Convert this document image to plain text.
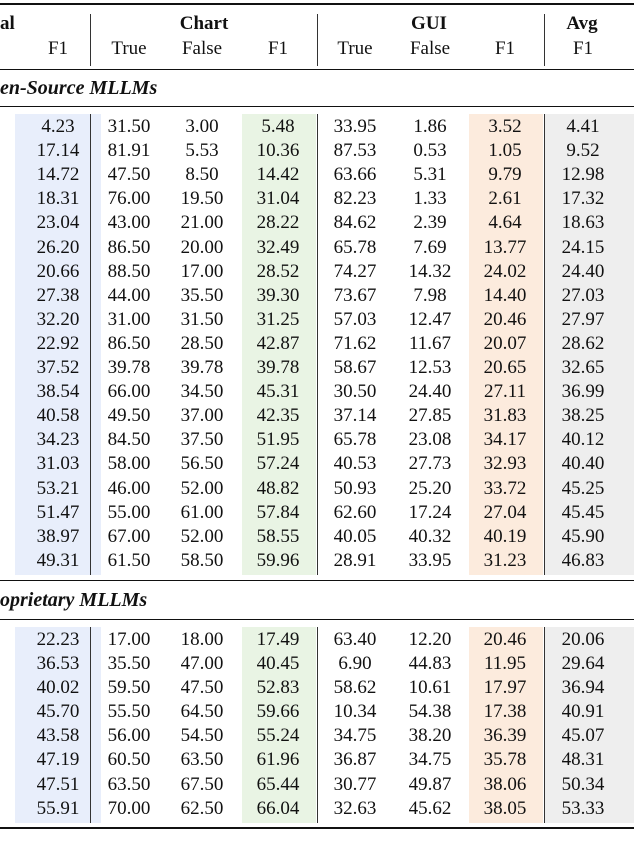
al	Chart	GUI	Avg
F1	True	False	F1	True	False	F1	F1
en-Source MLLMs
oprietary MLLMs
4.23	31.50	3.00	5.48	33.95	1.86	3.52	4.41
17.14	81.91	5.53	10.36	87.53	0.53	1.05	9.52
14.72	47.50	8.50	14.42	63.66	5.31	9.79	12.98
18.31	76.00	19.50	31.04	82.23	1.33	2.61	17.32
23.04	43.00	21.00	28.22	84.62	2.39	4.64	18.63
26.20	86.50	20.00	32.49	65.78	7.69	13.77	24.15
20.66	88.50	17.00	28.52	74.27	14.32	24.02	24.40
27.38	44.00	35.50	39.30	73.67	7.98	14.40	27.03
32.20	31.00	31.50	31.25	57.03	12.47	20.46	27.97
22.92	86.50	28.50	42.87	71.62	11.67	20.07	28.62
37.52	39.78	39.78	39.78	58.67	12.53	20.65	32.65
38.54	66.00	34.50	45.31	30.50	24.40	27.11	36.99
40.58	49.50	37.00	42.35	37.14	27.85	31.83	38.25
34.23	84.50	37.50	51.95	65.78	23.08	34.17	40.12
31.03	58.00	56.50	57.24	40.53	27.73	32.93	40.40
53.21	46.00	52.00	48.82	50.93	25.20	33.72	45.25
51.47	55.00	61.00	57.84	62.60	17.24	27.04	45.45
38.97	67.00	52.00	58.55	40.05	40.32	40.19	45.90
49.31	61.50	58.50	59.96	28.91	33.95	31.23	46.83
22.23	17.00	18.00	17.49	63.40	12.20	20.46	20.06
36.53	35.50	47.00	40.45	6.90	44.83	11.95	29.64
40.02	59.50	47.50	52.83	58.62	10.61	17.97	36.94
45.70	55.50	64.50	59.66	10.34	54.38	17.38	40.91
43.58	56.00	54.50	55.24	34.75	38.20	36.39	45.07
47.19	60.50	63.50	61.96	36.87	34.75	35.78	48.31
47.51	63.50	67.50	65.44	30.77	49.87	38.06	50.34
55.91	70.00	62.50	66.04	32.63	45.62	38.05	53.33
